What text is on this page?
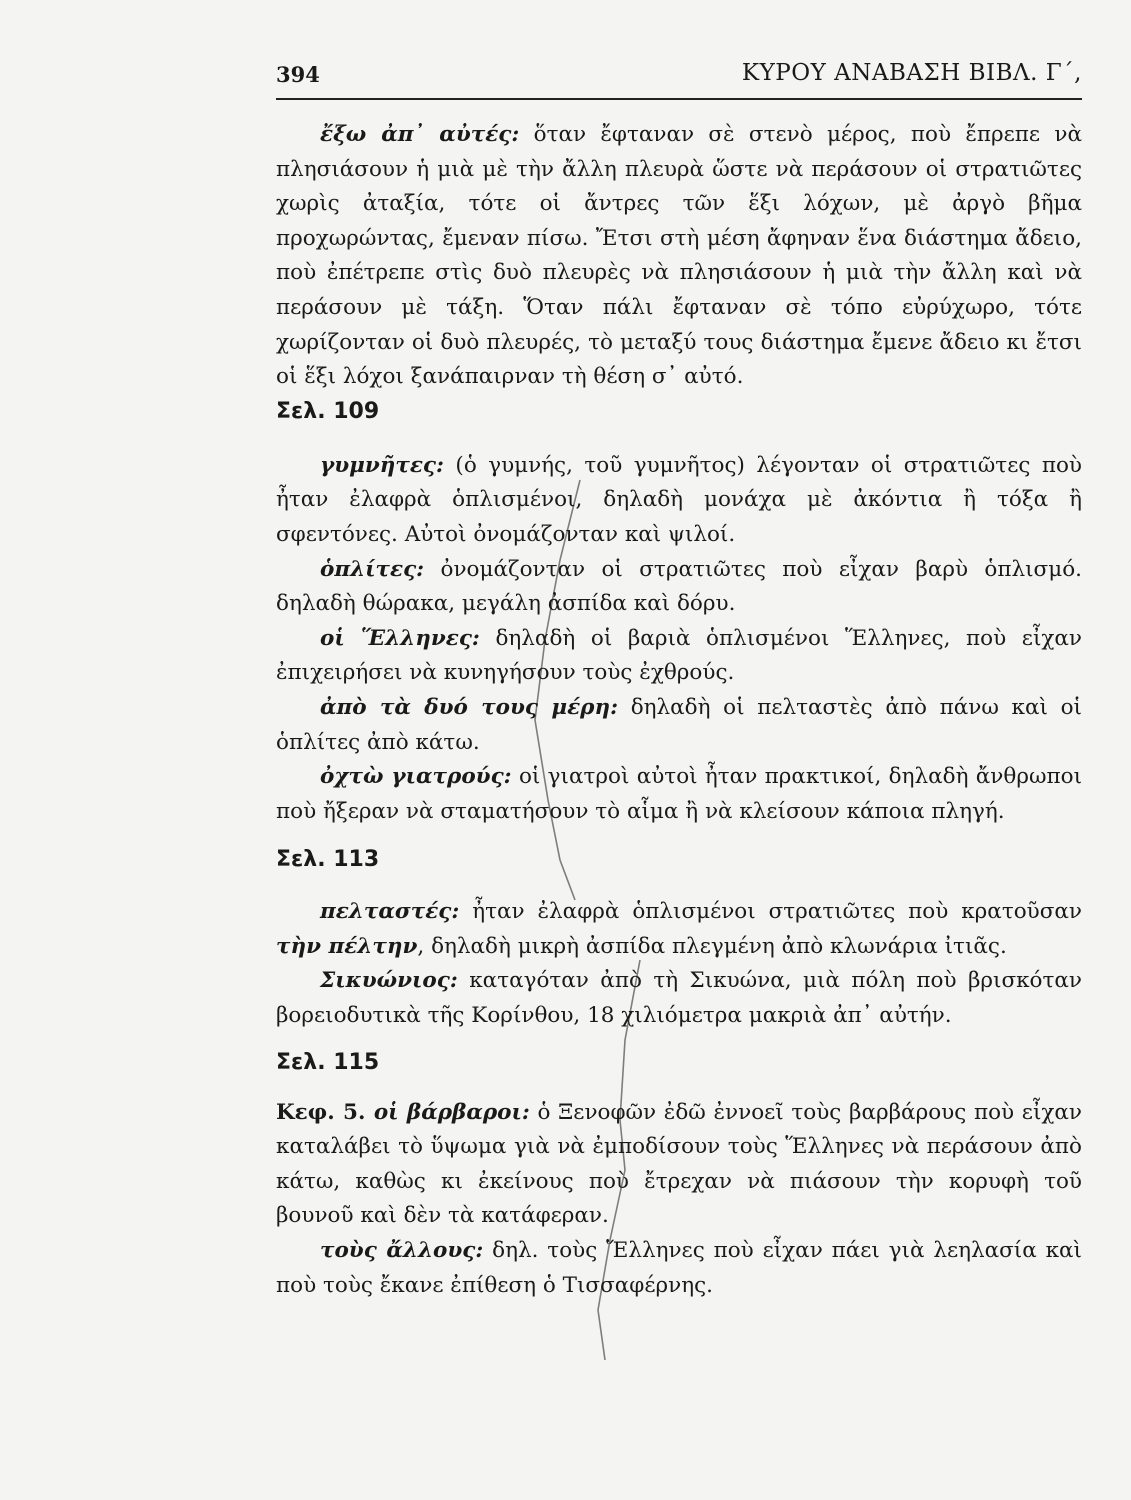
394	ΚΥΡΟΥ ΑΝΑΒΑΣΗ ΒΙΒΛ. Γ΄,

ἔξω ἀπ᾽ αὐτές: ὅταν ἔφταναν σὲ στενὸ μέρος, ποὺ ἔπρεπε νὰ πλησιάσουν ἡ μιὰ μὲ τὴν ἄλλη πλευρὰ ὥστε νὰ περάσουν οἱ στρατιῶτες χωρὶς ἀταξία, τότε οἱ ἄντρες τῶν ἕξι λόχων, μὲ ἀργὸ βῆμα προχωρώντας, ἔμεναν πίσω. Ἔτσι στὴ μέση ἄφηναν ἕνα διάστημα ἄδειο, ποὺ ἐπέτρεπε στὶς δυὸ πλευρὲς νὰ πλησιάσουν ἡ μιὰ τὴν ἄλλη καὶ νὰ περάσουν μὲ τάξη. Ὅταν πάλι ἔφταναν σὲ τόπο εὐρύχωρο, τότε χωρίζονταν οἱ δυὸ πλευρές, τὸ μεταξύ τους διάστημα ἔμενε ἄδειο κι ἔτσι οἱ ἕξι λόχοι ξανάπαιρναν τὴ θέση σ᾽ αὐτό.

Σελ. 109

γυμνῆτες: (ὁ γυμνής, τοῦ γυμνῆτος) λέγονταν οἱ στρατιῶτες ποὺ ἦταν ἐλαφρὰ ὁπλισμένοι, δηλαδὴ μονάχα μὲ ἀκόντια ἢ τόξα ἢ σφεντόνες. Αὐτοὶ ὀνομάζονταν καὶ ψιλοί.

ὁπλίτες: ὀνομάζονταν οἱ στρατιῶτες ποὺ εἶχαν βαρὺ ὁπλισμό. δηλαδὴ θώρακα, μεγάλη ἀσπίδα καὶ δόρυ.

οἱ Ἕλληνες: δηλαδὴ οἱ βαριὰ ὁπλισμένοι Ἕλληνες, ποὺ εἶχαν ἐπιχειρήσει νὰ κυνηγήσουν τοὺς ἐχθρούς.

ἀπὸ τὰ δυό τους μέρη: δηλαδὴ οἱ πελταστὲς ἀπὸ πάνω καὶ οἱ ὁπλίτες ἀπὸ κάτω.

ὀχτὼ γιατρούς: οἱ γιατροὶ αὐτοὶ ἦταν πρακτικοί, δηλαδὴ ἄνθρωποι ποὺ ἤξεραν νὰ σταματήσουν τὸ αἷμα ἢ νὰ κλείσουν κάποια πληγή.

Σελ. 113

πελταστές: ἦταν ἐλαφρὰ ὁπλισμένοι στρατιῶτες ποὺ κρατοῦσαν τὴν πέλτην, δηλαδὴ μικρὴ ἀσπίδα πλεγμένη ἀπὸ κλωνάρια ἰτιᾶς.

Σικυώνιος: καταγόταν ἀπὸ τὴ Σικυώνα, μιὰ πόλη ποὺ βρισκόταν βορειοδυτικὰ τῆς Κορίνθου, 18 χιλιόμετρα μακριὰ ἀπ᾽ αὐτήν.

Σελ. 115

Κεφ. 5. οἱ βάρβαροι: ὁ Ξενοφῶν ἐδῶ ἐννοεῖ τοὺς βαρβάρους ποὺ εἶχαν καταλάβει τὸ ὕψωμα γιὰ νὰ ἐμποδίσουν τοὺς Ἕλληνες νὰ περάσουν ἀπὸ κάτω, καθὼς κι ἐκείνους ποὺ ἔτρεχαν νὰ πιάσουν τὴν κορυφὴ τοῦ βουνοῦ καὶ δὲν τὰ κατάφεραν.

τοὺς ἄλλους: δηλ. τοὺς Ἕλληνες ποὺ εἶχαν πάει γιὰ λεηλασία καὶ ποὺ τοὺς ἔκανε ἐπίθεση ὁ Τισσαφέρνης.
